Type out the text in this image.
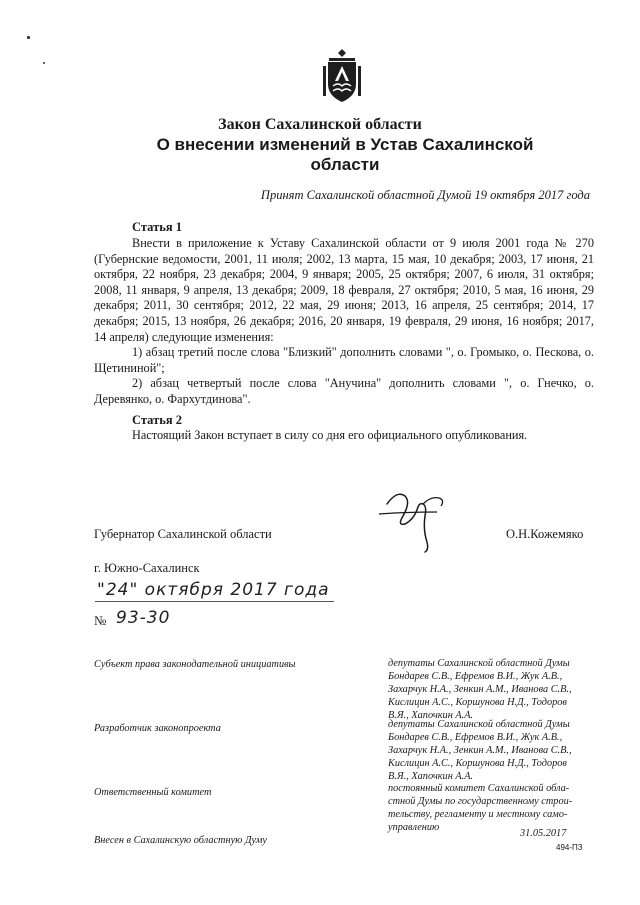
Закон Сахалинской области
О внесении изменений в Устав Сахалинской области
Принят Сахалинской областной Думой 19 октября 2017 года
Статья 1

Внести в приложение к Уставу Сахалинской области от 9 июля 2001 года № 270 (Губернские ведомости, 2001, 11 июля; 2002, 13 марта, 15 мая, 10 декабря; 2003, 17 июня, 21 октября, 22 ноября, 23 декабря; 2004, 9 января; 2005, 25 октября; 2007, 6 июля, 31 октября; 2008, 11 января, 9 апреля, 13 декабря; 2009, 18 февраля, 27 октября; 2010, 5 мая, 16 июня, 29 декабря; 2011, 30 сентября; 2012, 22 мая, 29 июня; 2013, 16 апреля, 25 сентября; 2014, 17 декабря; 2015, 13 ноября, 26 декабря; 2016, 20 января, 19 февраля, 29 июня, 16 ноября; 2017, 14 апреля) следующие изменения:

1) абзац третий после слова "Близкий" дополнить словами ", о. Громыко, о. Пескова, о. Щетининой";

2) абзац четвертый после слова "Анучина" дополнить словами ", о. Гнечко, о. Деревянко, о. Фархутдинова".

Статья 2

Настоящий Закон вступает в силу со дня его официального опубликования.

Губернатор Сахалинской области	О.Н.Кожемяко
г. Южно-Сахалинск
"24" октября 2017 года
№ 93-30
Субъект права законодательной инициативы	депутаты Сахалинской областной Думы
Бондарев С.В., Ефремов В.И., Жук А.В.,
Захарчук Н.А., Зенкин А.М., Иванова С.В.,
Кислицин А.С., Коршунова Н.Д., Тодоров
В.Я., Хапочкин А.А.
Разработчик законопроекта	депутаты Сахалинской областной Думы
Бондарев С.В., Ефремов В.И., Жук А.В.,
Захарчук Н.А., Зенкин А.М., Иванова С.В.,
Кислицин А.С., Коршунова Н.Д., Тодоров
В.Я., Хапочкин А.А.
Ответственный комитет	постоянный комитет Сахалинской обла-
стной Думы по государственному строи-
тельству, регламенту и местному само-
управлению
Внесен в Сахалинскую областную Думу
31.05.2017
494-ПЗ
